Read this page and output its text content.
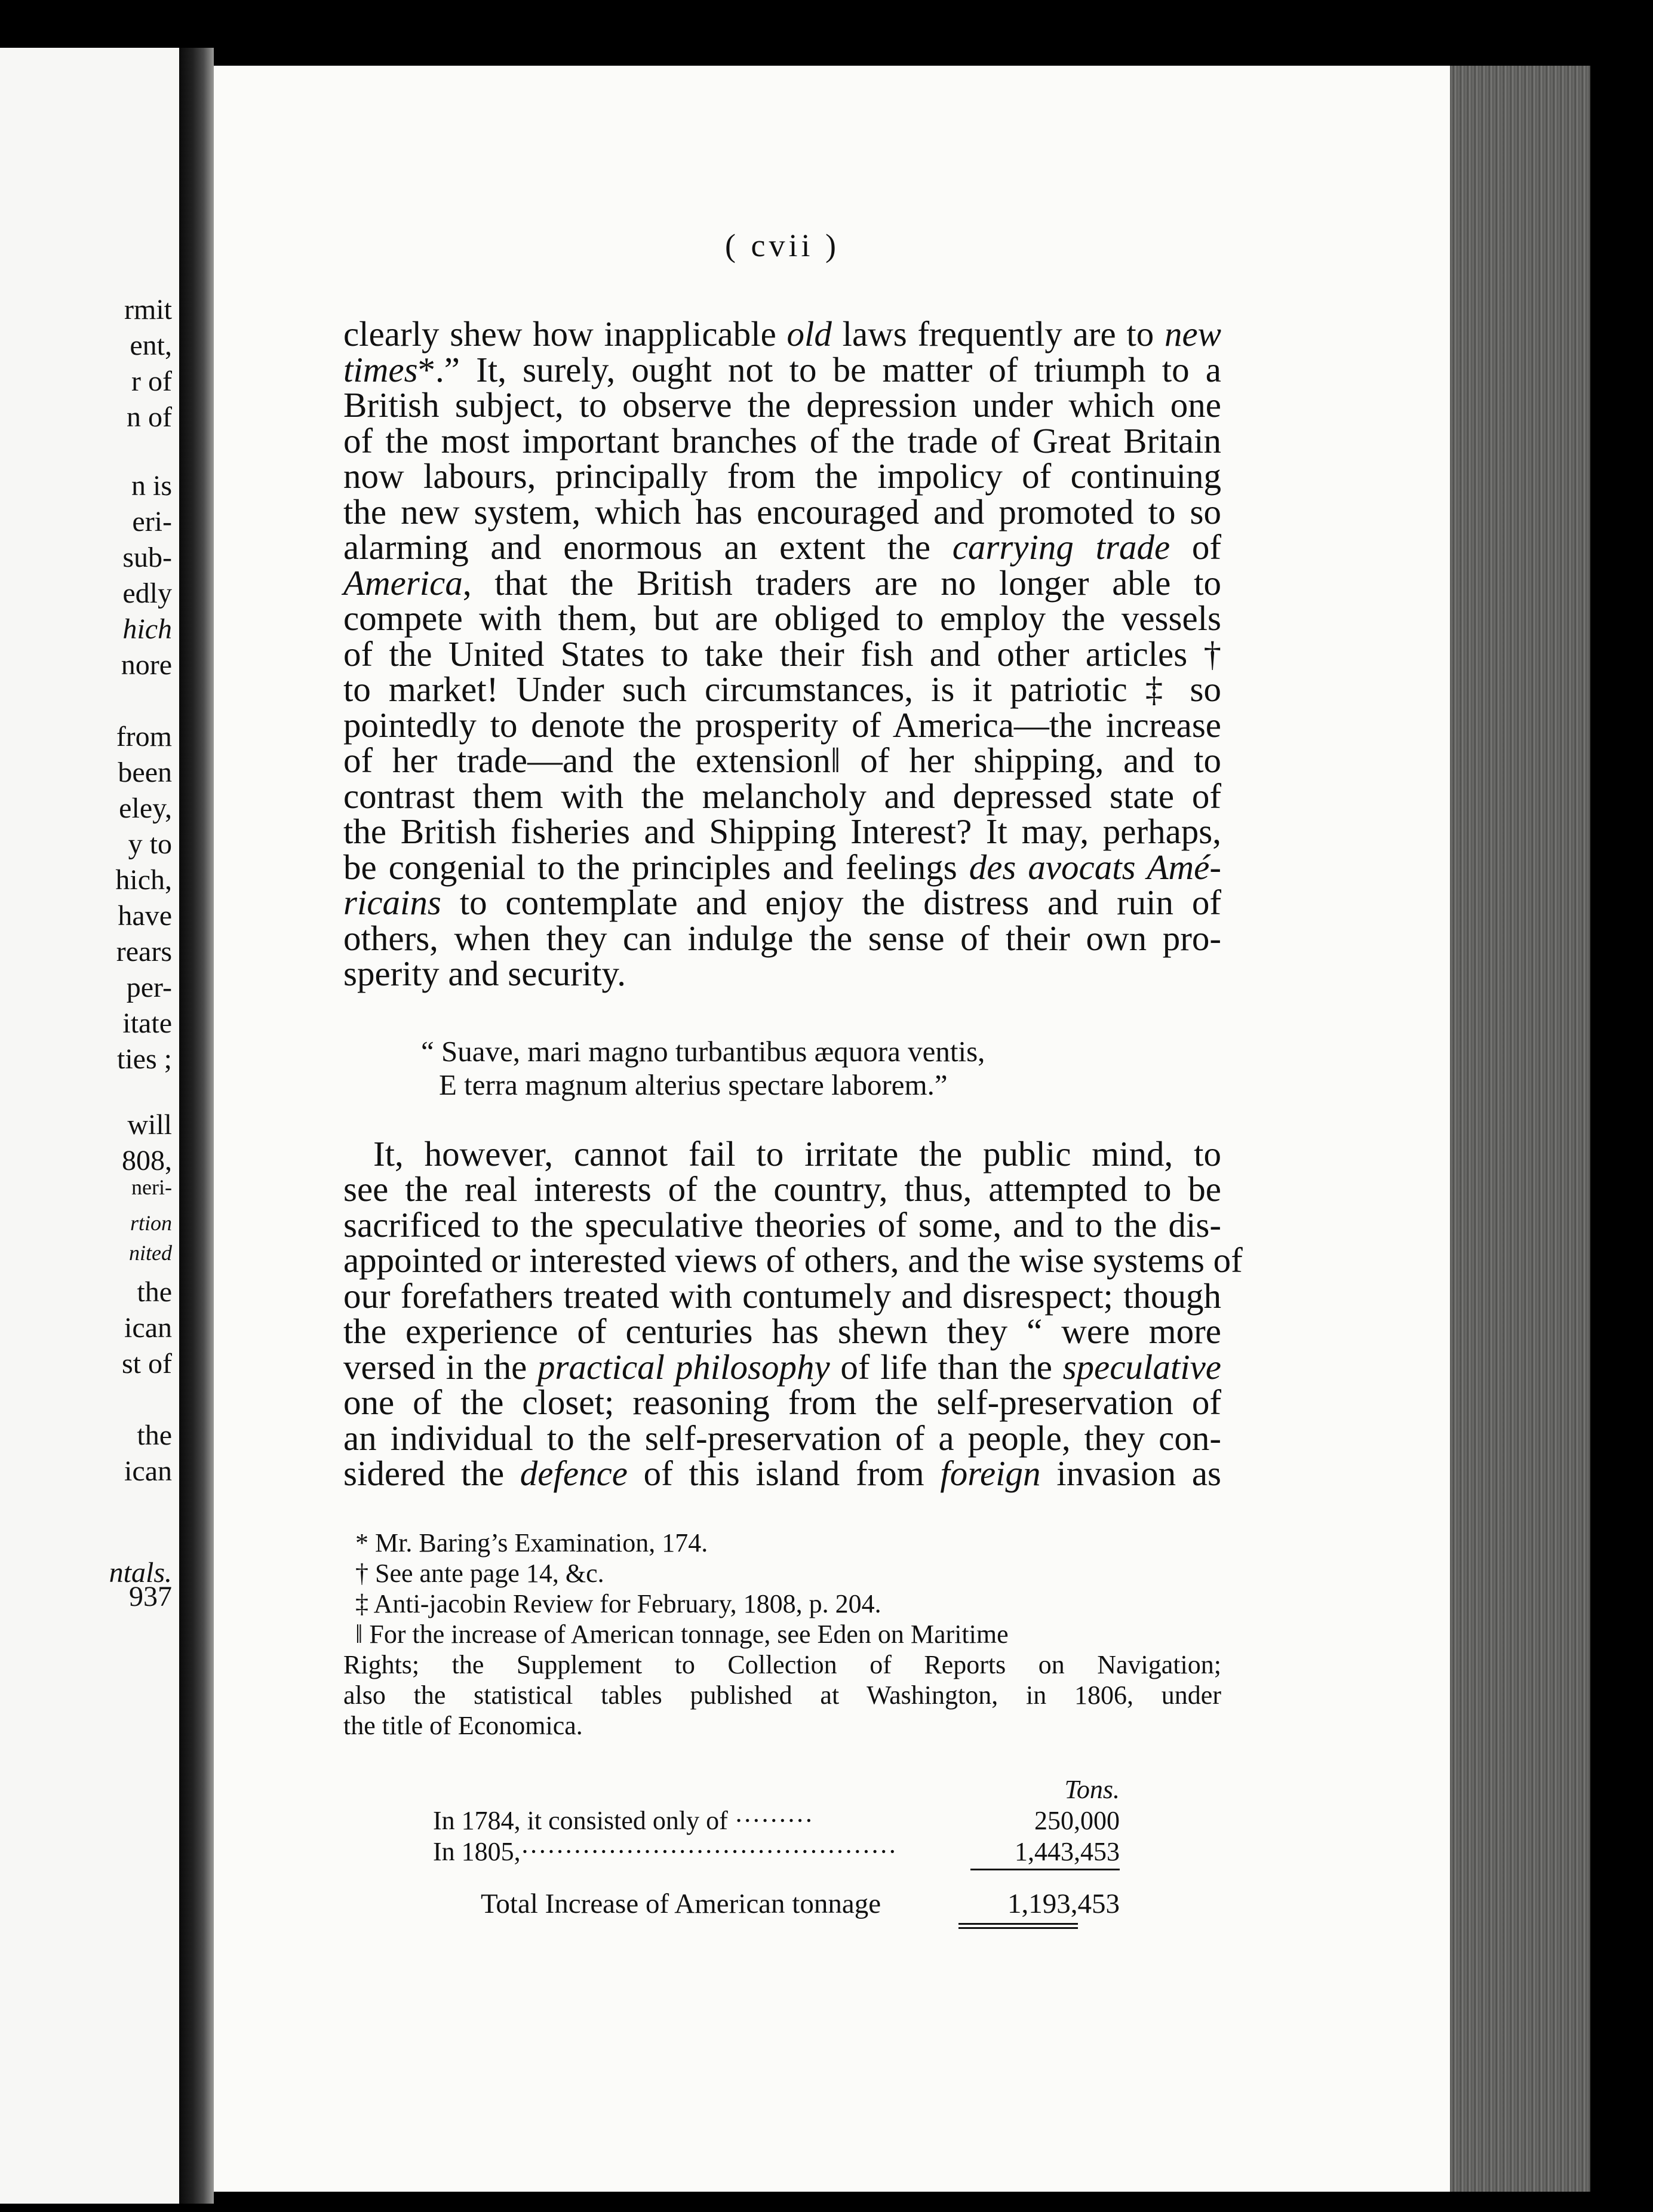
rmit
ent,
r of
n of
n is
eri-
sub-
edly
hich
nore
from
been
eley,
y to
hich,
have
rears
per-
itate
ties ;
will
808,
neri-
rtion
nited
the
ican
st of
the
ican
ntals.
937
( cvii )
clearly shew how inapplicable old laws frequently are to new
times*.” It, surely, ought not to be matter of triumph to a
British subject, to observe the depression under which one
of the most important branches of the trade of Great Britain
now labours, principally from the impolicy of continuing
the new system, which has encouraged and promoted to so
alarming and enormous an extent the carrying trade of
America, that the British traders are no longer able to
compete with them, but are obliged to employ the vessels
of the United States to take their fish and other articles †
to market! Under such circumstances, is it patriotic ‡ so
pointedly to denote the prosperity of America—the increase
of her trade—and the extension‖ of her shipping, and to
contrast them with the melancholy and depressed state of
the British fisheries and Shipping Interest? It may, perhaps,
be congenial to the principles and feelings des avocats Amé-
ricains to contemplate and enjoy the distress and ruin of
others, when they can indulge the sense of their own pro-
sperity and security.
“ Suave, mari magno turbantibus æquora ventis,
E terra magnum alterius spectare laborem.”
It, however, cannot fail to irritate the public mind, to
see the real interests of the country, thus, attempted to be
sacrificed to the speculative theories of some, and to the dis-
appointed or interested views of others, and the wise systems of
our forefathers treated with contumely and disrespect; though
the experience of centuries has shewn they “ were more
versed in the practical philosophy of life than the speculative
one of the closet; reasoning from the self-preservation of
an individual to the self-preservation of a people, they con-
sidered the defence of this island from foreign invasion as
* Mr. Baring’s Examination, 174.
† See ante page 14, &c.
‡ Anti-jacobin Review for February, 1808, p. 204.
‖ For the increase of American tonnage, see Eden on Maritime
Rights; the Supplement to Collection of Reports on Navigation;
also the statistical tables published at Washington, in 1806, under
the title of Economica.
Tons.
In 1784, it consisted only of ·········	250,000
In 1805,···········································	1,443,453
Total Increase of American tonnage	1,193,453
